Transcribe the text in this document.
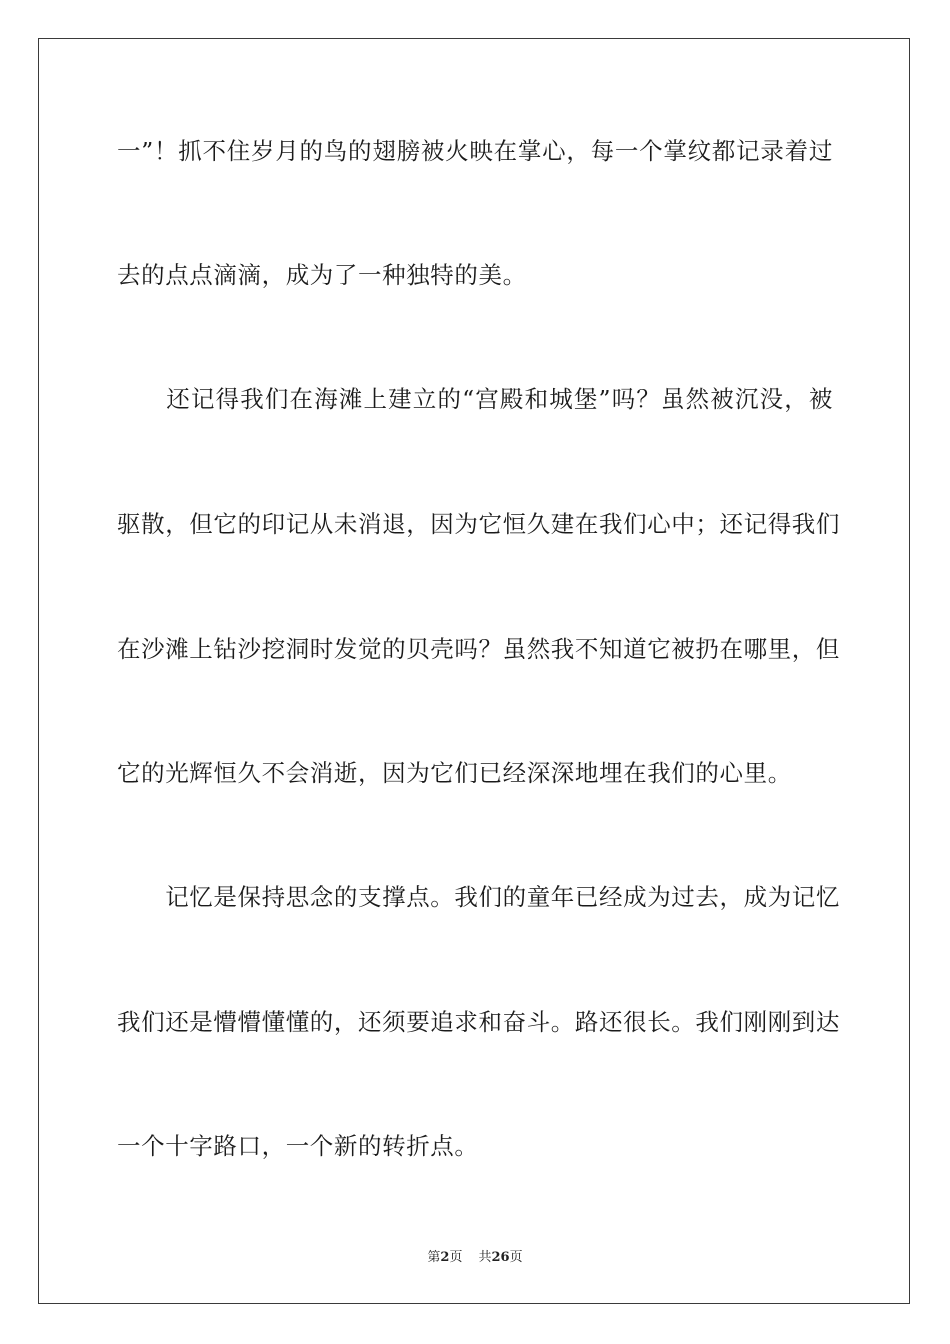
一”！抓不住岁月的鸟的翅膀被火映在掌心，每一个掌纹都记录着过
去的点点滴滴，成为了一种独特的美。
　　还记得我们在海滩上建立的“宫殿和城堡”吗？虽然被沉没，被
驱散，但它的印记从未消退，因为它恒久建在我们心中；还记得我们
在沙滩上钻沙挖洞时发觉的贝壳吗？虽然我不知道它被扔在哪里，但
它的光辉恒久不会消逝，因为它们已经深深地埋在我们的心里。
　　记忆是保持思念的支撑点。我们的童年已经成为过去，成为记忆
我们还是懵懵懂懂的，还须要追求和奋斗。路还很长。我们刚刚到达
一个十字路口，一个新的转折点。
第2页 共26页
